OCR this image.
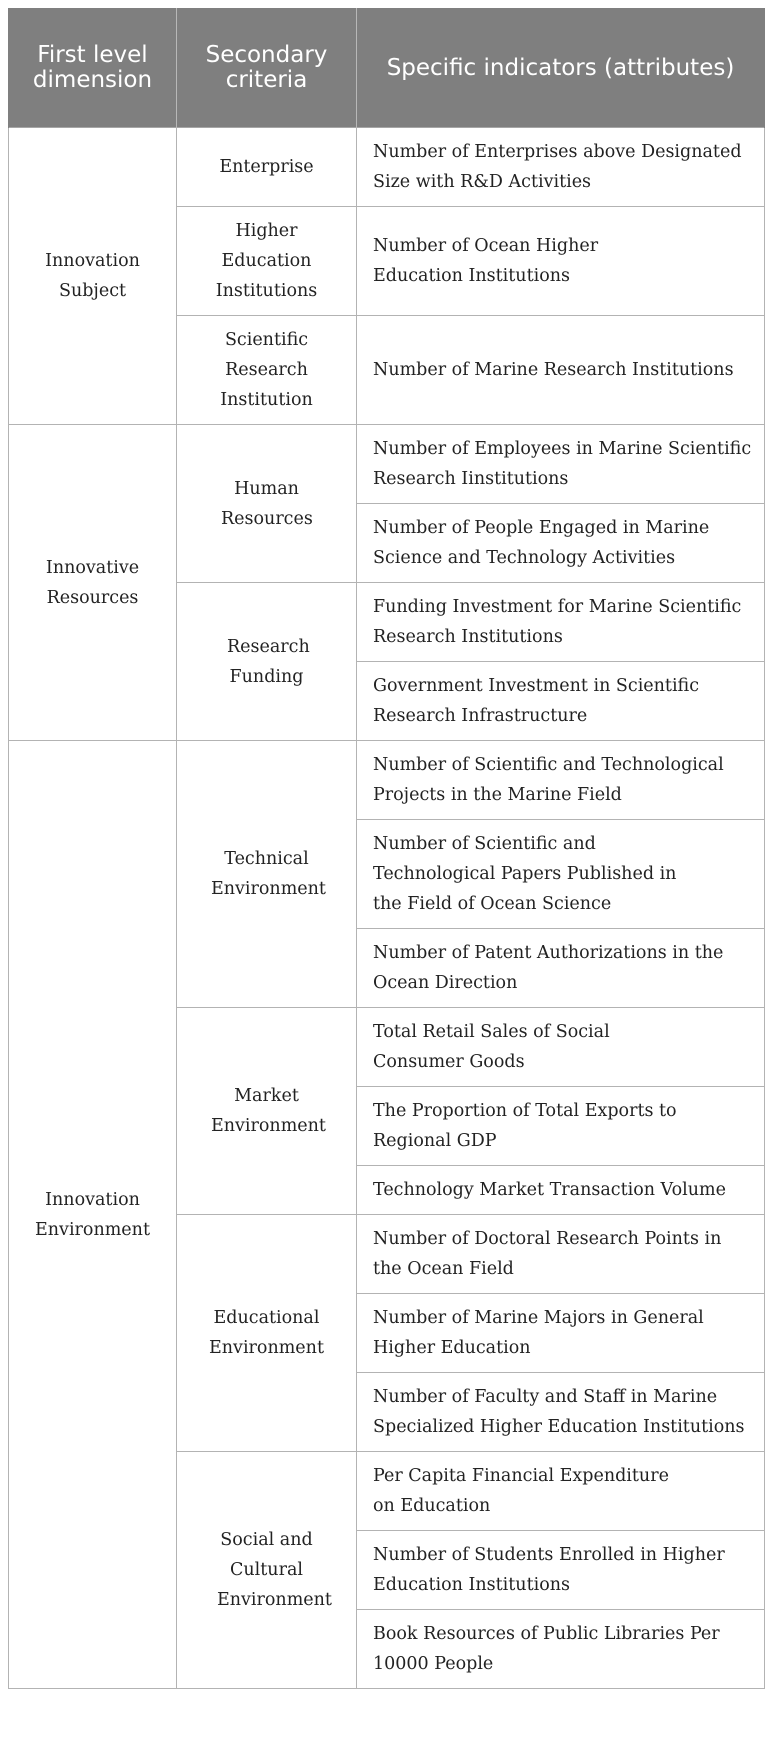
First level dimension	Secondary criteria	Specific indicators (attributes)
Innovation Subject	Enterprise	Number of Enterprises above Designated Size with R&D Activities
	Higher Education Institutions	Number of Ocean Higher Education Institutions
	Scientific Research Institution	Number of Marine Research Institutions
Innovative Resources	Human Resources	Number of Employees in Marine Scientific Research Iinstitutions
		Number of People Engaged in Marine Science and Technology Activities
	Research Funding	Funding Investment for Marine Scientific Research Institutions
		Government Investment in Scientific Research Infrastructure
Innovation Environment	Technical Environment	Number of Scientific and Technological Projects in the Marine Field
		Number of Scientific and Technological Papers Published in the Field of Ocean Science
		Number of Patent Authorizations in the Ocean Direction
	Market Environment	Total Retail Sales of Social Consumer Goods
		The Proportion of Total Exports to Regional GDP
		Technology Market Transaction Volume
	Educational Environment	Number of Doctoral Research Points in the Ocean Field
		Number of Marine Majors in General Higher Education
		Number of Faculty and Staff in Marine Specialized Higher Education Institutions
	Social and Cultural Environment	Per Capita Financial Expenditure on Education
		Number of Students Enrolled in Higher Education Institutions
		Book Resources of Public Libraries Per 10000 People
